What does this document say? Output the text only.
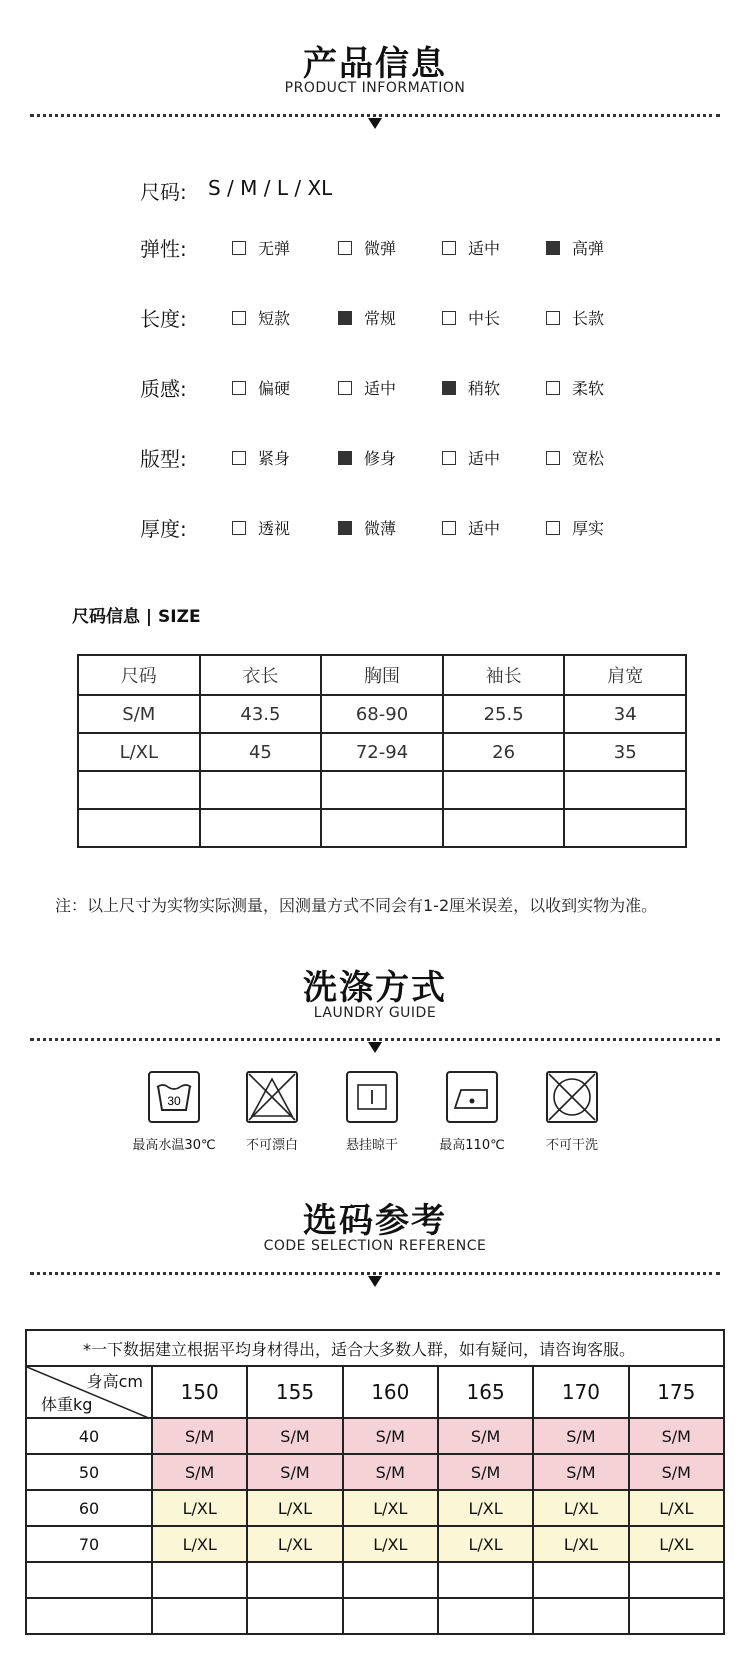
产品信息
PRODUCT INFORMATION
尺码: S / M / L / XL
弹性:	无弹	微弹	适中	高弹
长度:	短款	常规	中长	长款
质感:	偏硬	适中	稍软	柔软
版型:	紧身	修身	适中	宽松
厚度:	透视	微薄	适中	厚实
尺码信息 | SIZE
尺码	衣长	胸围	袖长	肩宽
S/M	43.5	68-90	25.5	34
L/XL	45	72-94	26	35

注：以上尺寸为实物实际测量，因测量方式不同会有1-2厘米误差，以收到实物为准。
洗涤方式
LAUNDRY GUIDE
30
最高水温30℃	不可漂白	悬挂晾干	最高110℃	不可干洗
选码参考
CODE SELECTION REFERENCE
*一下数据建立根据平均身材得出，适合大多数人群，如有疑问，请咨询客服。						

身高cm
体重kg	150	155	160	165	170	175
40	S/M	S/M	S/M	S/M	S/M	S/M
50	S/M	S/M	S/M	S/M	S/M	S/M
60	L/XL	L/XL	L/XL	L/XL	L/XL	L/XL
70	L/XL	L/XL	L/XL	L/XL	L/XL	L/XL
